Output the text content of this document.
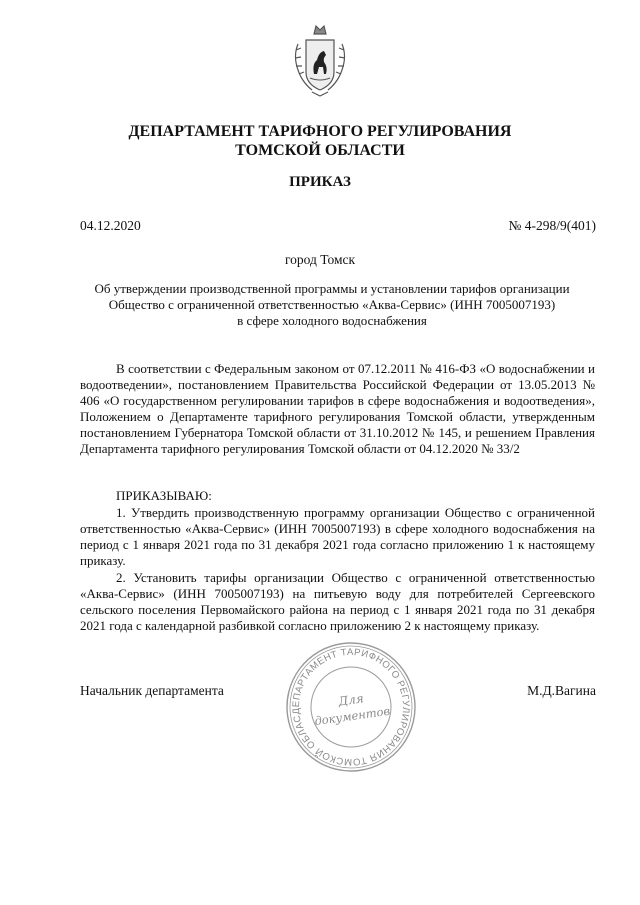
ДЕПАРТАМЕНТ ТАРИФНОГО РЕГУЛИРОВАНИЯ
ТОМСКОЙ ОБЛАСТИ
ПРИКАЗ
04.12.2020	№ 4-298/9(401)
город Томск
Об утверждении производственной программы и установлении тарифов организации
Общество с ограниченной ответственностью «Аква-Сервис» (ИНН 7005007193)
в сфере холодного водоснабжения
В соответствии с Федеральным законом от 07.12.2011 № 416-ФЗ «О водоснабжении и водоотведении», постановлением Правительства Российской Федерации от 13.05.2013 № 406 «О государственном регулировании тарифов в сфере водоснабжения и водоотведения», Положением о Департаменте тарифного регулирования Томской области, утвержденным постановлением Губернатора Томской области от 31.10.2012 № 145, и решением Правления Департамента тарифного регулирования Томской области от 04.12.2020 № 33/2
ПРИКАЗЫВАЮ:
1. Утвердить производственную программу организации Общество с ограниченной ответственностью «Аква-Сервис» (ИНН 7005007193) в сфере холодного водоснабжения на период с 1 января 2021 года по 31 декабря 2021 года согласно приложению 1 к настоящему приказу.
2. Установить тарифы организации Общество с ограниченной ответственностью «Аква-Сервис» (ИНН 7005007193) на питьевую воду для потребителей Сергеевского сельского поселения Первомайского района на период с 1 января 2021 года по 31 декабря 2021 года с календарной разбивкой согласно приложению 2 к настоящему приказу.
Начальник департамента	М.Д.Вагина
ДЕПАРТАМЕНТ ТАРИФНОГО РЕГУЛИРОВАНИЯ ТОМСКОЙ ОБЛАСТИ
Для
документов
